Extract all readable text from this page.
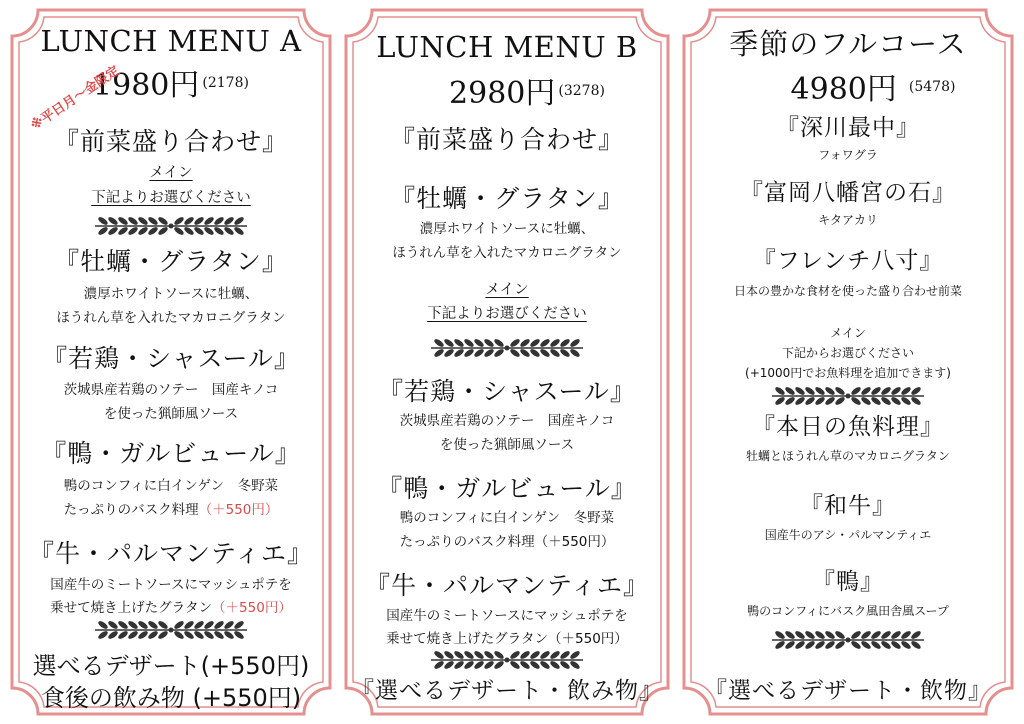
LUNCH MENU A
1980円 (2178)
※平日月〜金限定
『前菜盛り合わせ』
メイン
下記よりお選びください
『牡蠣・グラタン』
濃厚ホワイトソースに牡蠣、
ほうれん草を入れたマカロニグラタン
『若鶏・シャスール』
茨城県産若鶏のソテー　国産キノコ
を使った猟師風ソース
『鴨・ガルビュール』
鴨のコンフィに白インゲン　冬野菜
たっぷりのバスク料理（＋550円）
『牛・パルマンティエ』
国産牛のミートソースにマッシュポテを
乗せて焼き上げたグラタン（＋550円）
選べるデザート(+550円)
食後の飲み物 (+550円)
LUNCH MENU B
2980円 (3278)
『前菜盛り合わせ』
『牡蠣・グラタン』
濃厚ホワイトソースに牡蠣、
ほうれん草を入れたマカロニグラタン
メイン
下記よりお選びください
『若鶏・シャスール』
茨城県産若鶏のソテー　国産キノコ
を使った猟師風ソース
『鴨・ガルビュール』
鴨のコンフィに白インゲン　冬野菜
たっぷりのバスク料理（＋550円）
『牛・パルマンティエ』
国産牛のミートソースにマッシュポテを
乗せて焼き上げたグラタン（＋550円）
『選べるデザート・飲み物』
季節のフルコース
4980円 (5478)
『深川最中』
フォワグラ
『富岡八幡宮の石』
キタアカリ
『フレンチ八寸』
日本の豊かな食材を使った盛り合わせ前菜
メイン
下記からお選びください
(+1000円でお魚料理を追加できます)
『本日の魚料理』
牡蠣とほうれん草のマカロニグラタン
『和牛』
国産牛のアシ・パルマンティエ
『鴨』
鴨のコンフィにバスク風田舎風スープ
『選べるデザート・飲物』
